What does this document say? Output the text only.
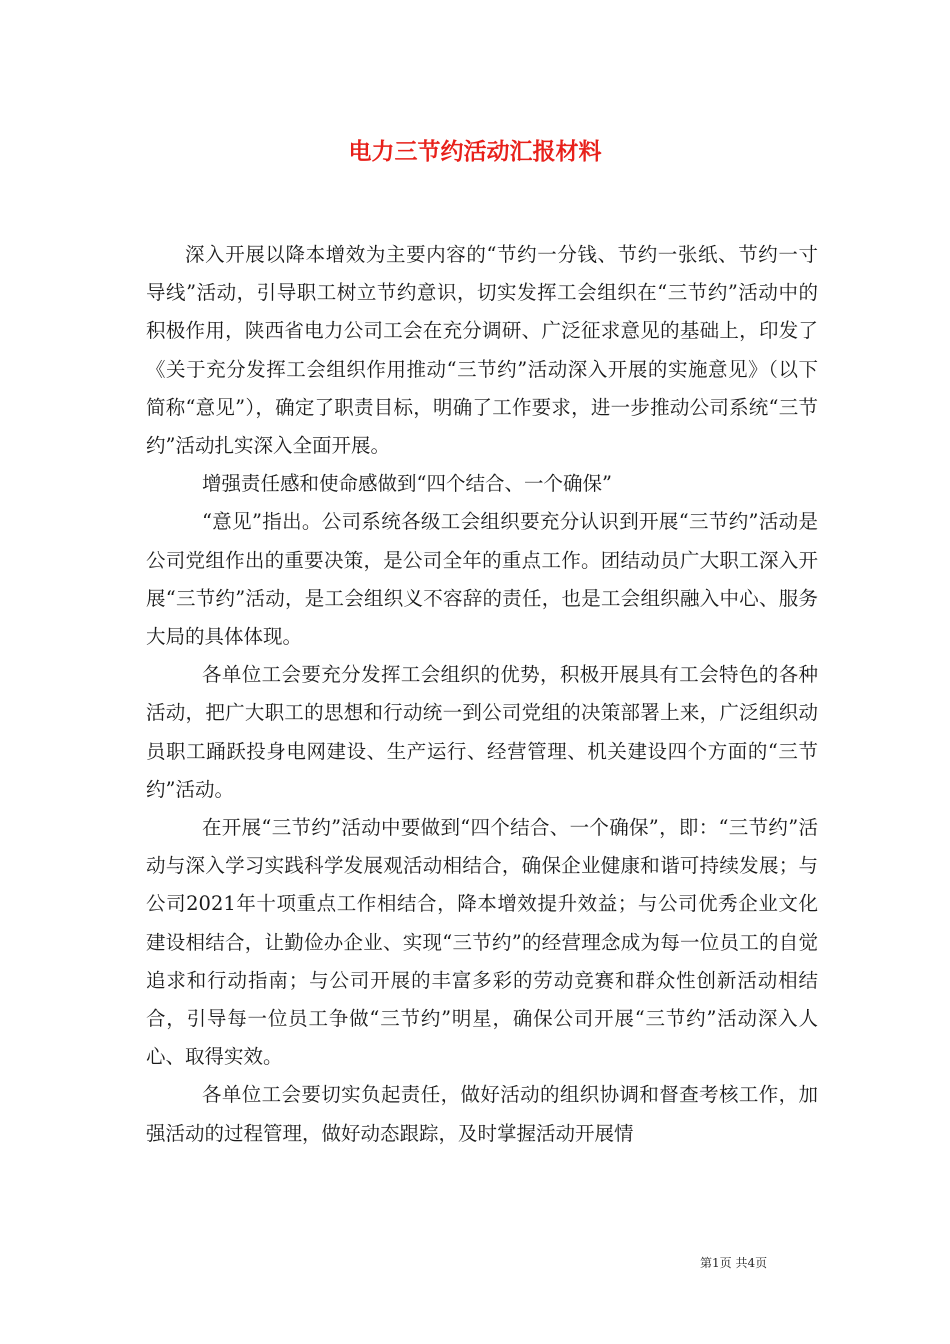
电力三节约活动汇报材料

深入开展以降本增效为主要内容的“节约一分钱、节约一张纸、节约一寸导线”活动，引导职工树立节约意识，切实发挥工会组织在“三节约”活动中的积极作用，陕西省电力公司工会在充分调研、广泛征求意见的基础上，印发了《关于充分发挥工会组织作用推动“三节约”活动深入开展的实施意见》（以下简称“意见”），确定了职责目标，明确了工作要求，进一步推动公司系统“三节约”活动扎实深入全面开展。

增强责任感和使命感做到“四个结合、一个确保”

“意见”指出。公司系统各级工会组织要充分认识到开展“三节约”活动是公司党组作出的重要决策，是公司全年的重点工作。团结动员广大职工深入开展“三节约”活动，是工会组织义不容辞的责任，也是工会组织融入中心、服务大局的具体体现。

各单位工会要充分发挥工会组织的优势，积极开展具有工会特色的各种活动，把广大职工的思想和行动统一到公司党组的决策部署上来，广泛组织动员职工踊跃投身电网建设、生产运行、经营管理、机关建设四个方面的“三节约”活动。

在开展“三节约”活动中要做到“四个结合、一个确保”，即：“三节约”活动与深入学习实践科学发展观活动相结合，确保企业健康和谐可持续发展；与公司2021年十项重点工作相结合，降本增效提升效益；与公司优秀企业文化建设相结合，让勤俭办企业、实现“三节约”的经营理念成为每一位员工的自觉追求和行动指南；与公司开展的丰富多彩的劳动竞赛和群众性创新活动相结合，引导每一位员工争做“三节约”明星，确保公司开展“三节约”活动深入人心、取得实效。

各单位工会要切实负起责任，做好活动的组织协调和督查考核工作，加强活动的过程管理，做好动态跟踪，及时掌握活动开展情

第1页 共4页
